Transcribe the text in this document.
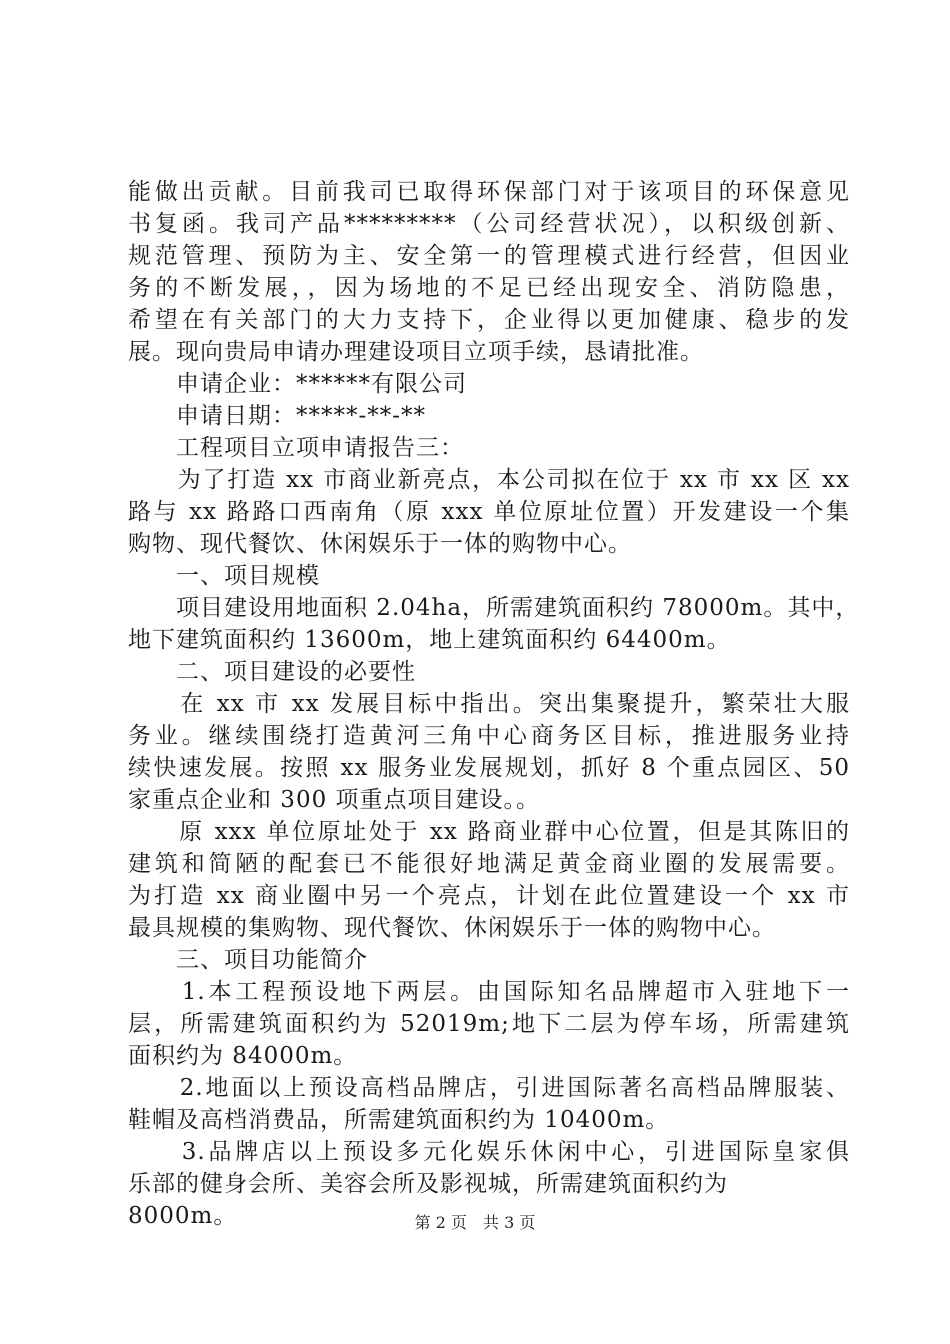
能做出贡献。目前我司已取得环保部门对于该项目的环保意见
书复函。我司产品*********（公司经营状况），以积级创新、
规范管理、预防为主、安全第一的管理模式进行经营，但因业
务的不断发展，，因为场地的不足已经出现安全、消防隐患，
希望在有关部门的大力支持下，企业得以更加健康、稳步的发
展。现向贵局申请办理建设项目立项手续，恳请批准。
　　申请企业：******有限公司
　　申请日期：*****-**-**
　　工程项目立项申请报告三：
　　为了打造 xx 市商业新亮点，本公司拟在位于 xx 市 xx 区 xx
路与 xx 路路口西南角（原 xxx 单位原址位置）开发建设一个集
购物、现代餐饮、休闲娱乐于一体的购物中心。
　　一、项目规模
　　项目建设用地面积 2.04ha，所需建筑面积约 78000m。其中，
地下建筑面积约 13600m，地上建筑面积约 64400m。
　　二、项目建设的必要性
　　在 xx 市 xx 发展目标中指出。突出集聚提升，繁荣壮大服
务业。继续围绕打造黄河三角中心商务区目标，推进服务业持
续快速发展。按照 xx 服务业发展规划，抓好 8 个重点园区、50
家重点企业和 300 项重点项目建设。。
　　原 xxx 单位原址处于 xx 路商业群中心位置，但是其陈旧的
建筑和简陋的配套已不能很好地满足黄金商业圈的发展需要。
为打造 xx 商业圈中另一个亮点，计划在此位置建设一个 xx 市
最具规模的集购物、现代餐饮、休闲娱乐于一体的购物中心。
　　三、项目功能简介
　　1.本工程预设地下两层。由国际知名品牌超市入驻地下一
层，所需建筑面积约为 52019m;地下二层为停车场，所需建筑
面积约为 84000m。
　　2.地面以上预设高档品牌店，引进国际著名高档品牌服装、
鞋帽及高档消费品，所需建筑面积约为 10400m。
　　3.品牌店以上预设多元化娱乐休闲中心，引进国际皇家俱
乐部的健身会所、美容会所及影视城，所需建筑面积约为
8000m。	第 2 页　共 3 页
